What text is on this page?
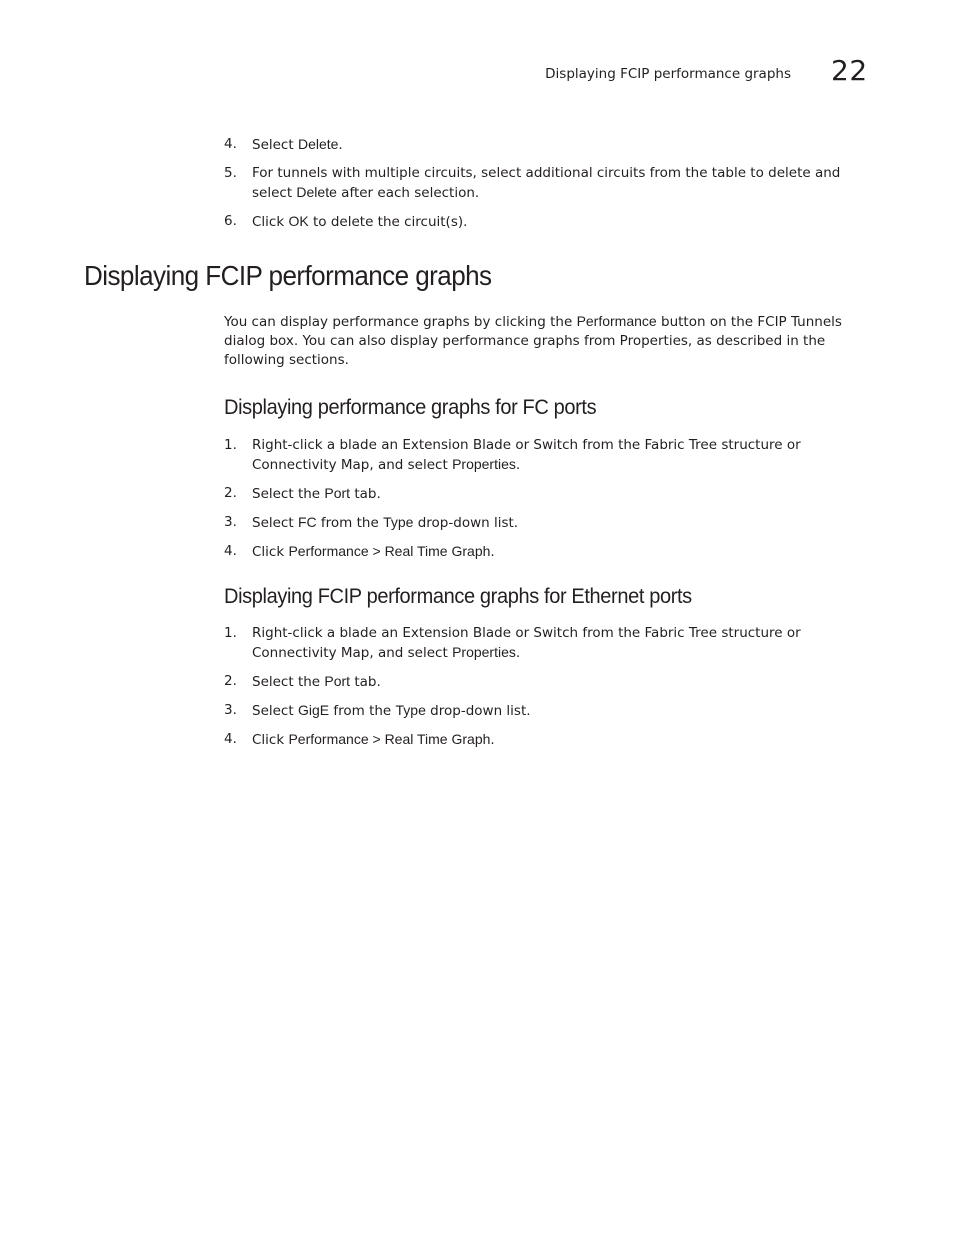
Displaying FCIP performance graphs 22
4. Select Delete.
5. For tunnels with multiple circuits, select additional circuits from the table to delete and select Delete after each selection.
6. Click OK to delete the circuit(s).
Displaying FCIP performance graphs

You can display performance graphs by clicking the Performance button on the FCIP Tunnels dialog box. You can also display performance graphs from Properties, as described in the following sections.

Displaying performance graphs for FC ports
1. Right-click a blade an Extension Blade or Switch from the Fabric Tree structure or Connectivity Map, and select Properties.
2. Select the Port tab.
3. Select FC from the Type drop-down list.
4. Click Performance > Real Time Graph.
Displaying FCIP performance graphs for Ethernet ports
1. Right-click a blade an Extension Blade or Switch from the Fabric Tree structure or Connectivity Map, and select Properties.
2. Select the Port tab.
3. Select GigE from the Type drop-down list.
4. Click Performance > Real Time Graph.
